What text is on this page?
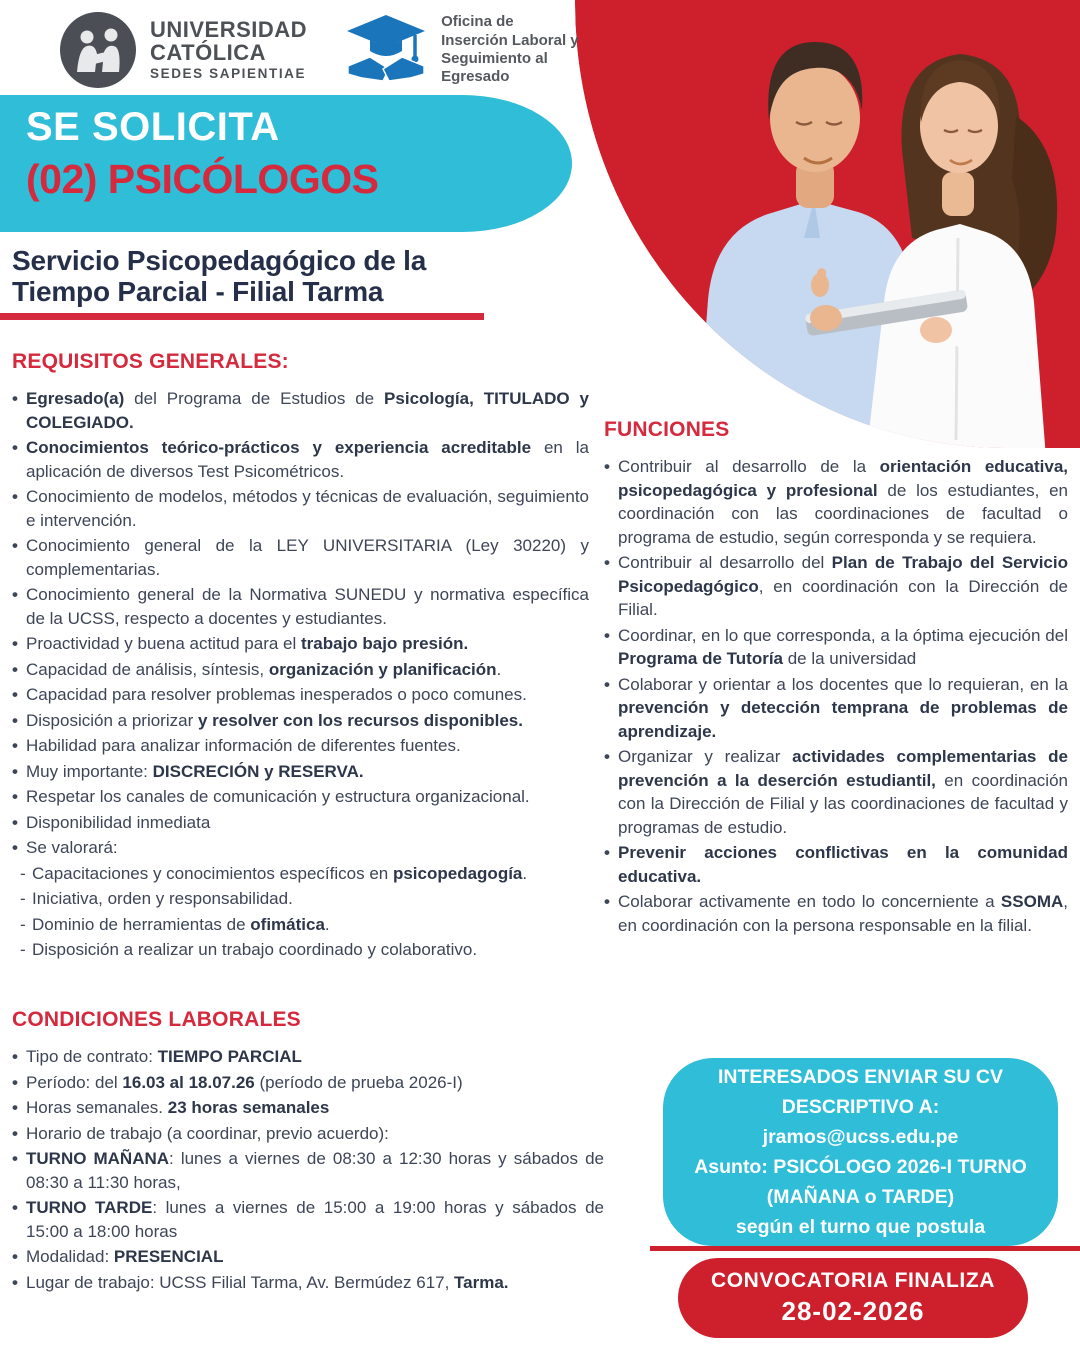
UNIVERSIDAD
CATÓLICA
SEDES SAPIENTIAE
Oficina de
Inserción Laboral y
Seguimiento al
Egresado
SE SOLICITA
(02) PSICÓLOGOS
Servicio Psicopedagógico de la
Tiempo Parcial - Filial Tarma
REQUISITOS GENERALES:
• Egresado(a) del Programa de Estudios de Psicología, TITULADO y COLEGIADO.
• Conocimientos teórico-prácticos y experiencia acreditable en la aplicación de diversos Test Psicométricos.
• Conocimiento de modelos, métodos y técnicas de evaluación, seguimiento e intervención.
• Conocimiento general de la LEY UNIVERSITARIA (Ley 30220) y complementarias.
• Conocimiento general de la Normativa SUNEDU y normativa específica de la UCSS, respecto a docentes y estudiantes.
• Proactividad y buena actitud para el trabajo bajo presión.
• Capacidad de análisis, síntesis, organización y planificación.
• Capacidad para resolver problemas inesperados o poco comunes.
• Disposición a priorizar y resolver con los recursos disponibles.
• Habilidad para analizar información de diferentes fuentes.
• Muy importante: DISCRECIÓN y RESERVA.
• Respetar los canales de comunicación y estructura organizacional.
• Disponibilidad inmediata
• Se valorará:
- Capacitaciones y conocimientos específicos en psicopedagogía.
- Iniciativa, orden y responsabilidad.
- Dominio de herramientas de ofimática.
- Disposición a realizar un trabajo coordinado y colaborativo.
CONDICIONES LABORALES
• Tipo de contrato: TIEMPO PARCIAL
• Período: del 16.03 al 18.07.26 (período de prueba 2026-I)
• Horas semanales. 23 horas semanales
• Horario de trabajo (a coordinar, previo acuerdo):
• TURNO MAÑANA: lunes a viernes de 08:30 a 12:30 horas y sábados de 08:30 a 11:30 horas,
• TURNO TARDE: lunes a viernes de 15:00 a 19:00 horas y sábados de 15:00 a 18:00 horas
• Modalidad: PRESENCIAL
• Lugar de trabajo: UCSS Filial Tarma, Av. Bermúdez 617, Tarma.
FUNCIONES
• Contribuir al desarrollo de la orientación educativa, psicopedagógica y profesional de los estudiantes, en coordinación con las coordinaciones de facultad o programa de estudio, según corresponda y se requiera.
• Contribuir al desarrollo del Plan de Trabajo del Servicio Psicopedagógico, en coordinación con la Dirección de Filial.
• Coordinar, en lo que corresponda, a la óptima ejecución del Programa de Tutoría de la universidad
• Colaborar y orientar a los docentes que lo requieran, en la prevención y detección temprana de problemas de aprendizaje.
• Organizar y realizar actividades complementarias de prevención a la deserción estudiantil, en coordinación con la Dirección de Filial y las coordinaciones de facultad y programas de estudio.
• Prevenir acciones conflictivas en la comunidad educativa.
• Colaborar activamente en todo lo concerniente a SSOMA, en coordinación con la persona responsable en la filial.
INTERESADOS ENVIAR SU CV
DESCRIPTIVO A:
jramos@ucss.edu.pe
Asunto: PSICÓLOGO 2026-I TURNO
(MAÑANA o TARDE)
según el turno que postula
CONVOCATORIA FINALIZA
28-02-2026
